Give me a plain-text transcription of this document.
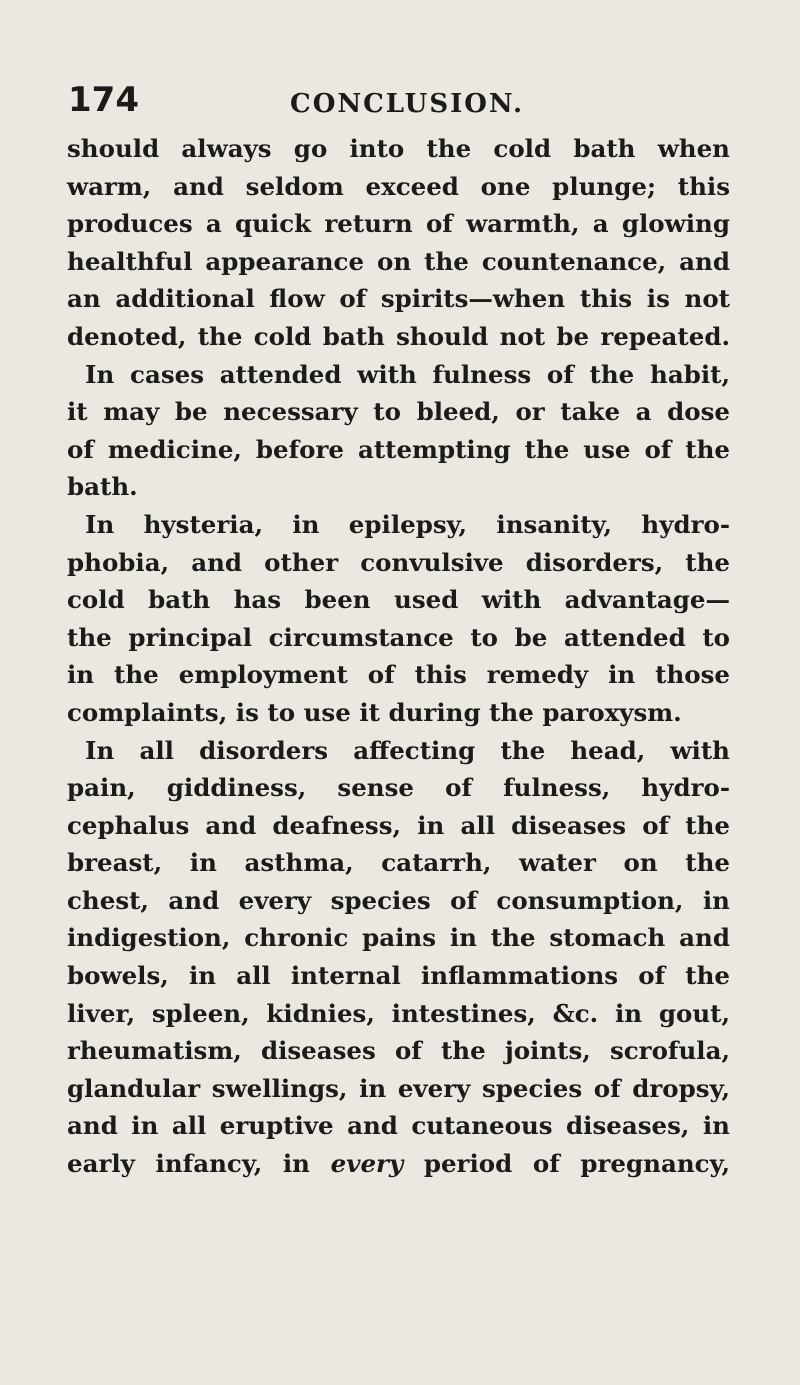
174	CONCLUSION.
should always go into the cold bath when
warm, and seldom exceed one plunge; this
produces a quick return of warmth, a glowing
healthful appearance on the countenance, and
an additional flow of spirits—when this is not
denoted, the cold bath should not be repeated.
In cases attended with fulness of the habit,
it may be necessary to bleed, or take a dose
of medicine, before attempting the use of the
bath.
In hysteria, in epilepsy, insanity, hydro-
phobia, and other convulsive disorders, the
cold bath has been used with advantage—
the principal circumstance to be attended to
in the employment of this remedy in those
complaints, is to use it during the paroxysm.
In all disorders affecting the head, with
pain, giddiness, sense of fulness, hydro-
cephalus and deafness, in all diseases of the
breast, in asthma, catarrh, water on the
chest, and every species of consumption, in
indigestion, chronic pains in the stomach and
bowels, in all internal inflammations of the
liver, spleen, kidnies, intestines, &c. in gout,
rheumatism, diseases of the joints, scrofula,
glandular swellings, in every species of dropsy,
and in all eruptive and cutaneous diseases, in
early infancy, in every period of pregnancy,
